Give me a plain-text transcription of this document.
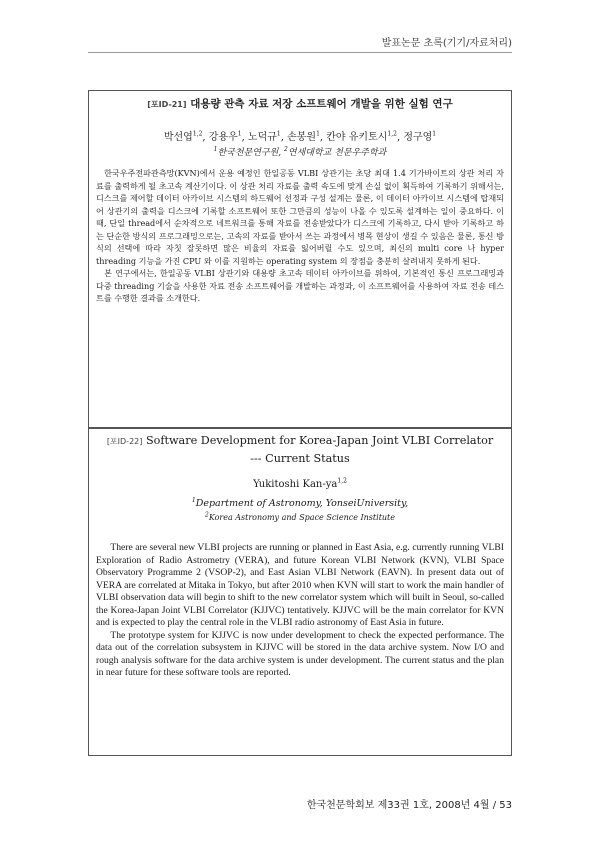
발표논문 초록(기기/자료처리)
[포ID-21] 대용량 관측 자료 저장 소프트웨어 개발을 위한 실험 연구
박선엽$^{1,2}$, 강용우$^1$, 노덕규$^1$, 손봉원$^1$, 칸야 유키토시$^{1,2}$, 정구영$^1$
$^1$한국천문연구원, $^2$연세대학교 천문우주학과

한국우주전파관측망(KVN)에서 운용 예정인 한일공동 VLBI 상관기는 초당 최대 1.4 기가바이트의 상관 처리 자료를 출력하게 될 초고속 계산기이다. 이 상관 처리 자료를 출력 속도에 맞게 손실 없이 획득하여 기록하기 위해서는, 디스크를 제어할 데이터 아카이브 시스템의 하드웨어 선정과 구성 설계는 물론, 이 데이터 아카이브 시스템에 탑재되어 상관기의 출력을 디스크에 기록할 소프트웨어 또한 그만큼의 성능이 나올 수 있도록 설계하는 일이 중요하다. 이 때, 단일 thread에서 순차적으로 네트워크를 통해 자료를 전송받았다가 디스크에 기록하고, 다시 받아 기록하고 하는 단순한 방식의 프로그래밍으로는, 고속의 자료를 받아서 쓰는 과정에서 병목 현상이 생길 수 있음은 물론, 통신 방식의 선택에 따라 자칫 잘못하면 많은 비율의 자료를 잃어버릴 수도 있으며, 최신의 multi core 나 hyper threading 기능을 가진 CPU 와 이를 지원하는 operating system 의 장점을 충분히 살려내지 못하게 된다.

본 연구에서는, 한일공동 VLBI 상관기와 대용량 초고속 데이터 아카이브를 위하여, 기본적인 통신 프로그래밍과 다중 threading 기술을 사용한 자료 전송 소프트웨어를 개발하는 과정과, 이 소프트웨어를 사용하여 자료 전송 테스트를 수행한 결과를 소개한다.

[포ID-22] Software Development for Korea-Japan Joint VLBI Correlator
--- Current Status
Yukitoshi Kan-ya$^{1,2}$
$^1$Department of Astronomy, YonseiUniversity,
$^2$Korea Astronomy and Space Science Institute

There are several new VLBI projects are running or planned in East Asia, e.g. currently running VLBI Exploration of Radio Astrometry (VERA), and future Korean VLBI Network (KVN), VLBI Space Observatory Programme 2 (VSOP-2), and East Asian VLBI Network (EAVN). In present data out of VERA are correlated at Mitaka in Tokyo, but after 2010 when KVN will start to work the main handler of VLBI observation data will begin to shift to the new correlator system which will built in Seoul, so-called the Korea-Japan Joint VLBI Correlator (KJJVC) tentatively. KJJVC will be the main correlator for KVN and is expected to play the central role in the VLBI radio astronomy of East Asia in future.

The prototype system for KJJVC is now under development to check the expected performance. The data out of the correlation subsystem in KJJVC will be stored in the data archive system. Now I/O and rough analysis software for the data archive system is under development. The current status and the plan in near future for these software tools are reported.

한국천문학회보 제33권 1호, 2008년 4월 / 53
